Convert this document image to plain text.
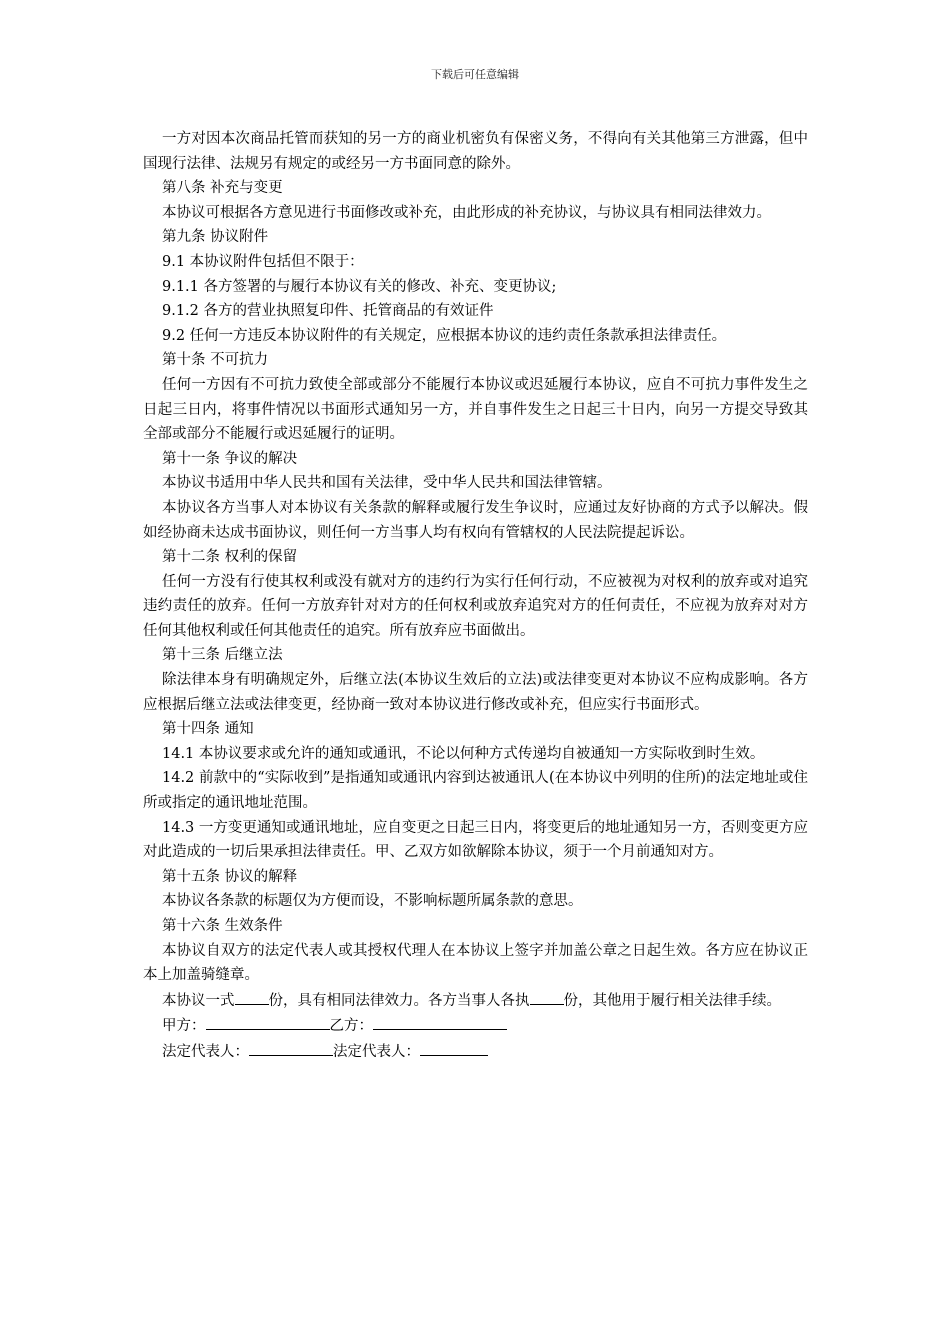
下载后可任意编辑

一方对因本次商品托管而获知的另一方的商业机密负有保密义务，不得向有关其他第三方泄露，但中国现行法律、法规另有规定的或经另一方书面同意的除外。

第八条 补充与变更

本协议可根据各方意见进行书面修改或补充，由此形成的补充协议，与协议具有相同法律效力。

第九条 协议附件

9.1 本协议附件包括但不限于：

9.1.1 各方签署的与履行本协议有关的修改、补充、变更协议;

9.1.2 各方的营业执照复印件、托管商品的有效证件

9.2 任何一方违反本协议附件的有关规定，应根据本协议的违约责任条款承担法律责任。

第十条 不可抗力

任何一方因有不可抗力致使全部或部分不能履行本协议或迟延履行本协议，应自不可抗力事件发生之日起三日内，将事件情况以书面形式通知另一方，并自事件发生之日起三十日内，向另一方提交导致其全部或部分不能履行或迟延履行的证明。

第十一条 争议的解决

本协议书适用中华人民共和国有关法律，受中华人民共和国法律管辖。

本协议各方当事人对本协议有关条款的解释或履行发生争议时，应通过友好协商的方式予以解决。假如经协商未达成书面协议，则任何一方当事人均有权向有管辖权的人民法院提起诉讼。

第十二条 权利的保留

任何一方没有行使其权利或没有就对方的违约行为实行任何行动，不应被视为对权利的放弃或对追究违约责任的放弃。任何一方放弃针对对方的任何权利或放弃追究对方的任何责任，不应视为放弃对对方任何其他权利或任何其他责任的追究。所有放弃应书面做出。

第十三条 后继立法

除法律本身有明确规定外，后继立法(本协议生效后的立法)或法律变更对本协议不应构成影响。各方应根据后继立法或法律变更，经协商一致对本协议进行修改或补充，但应实行书面形式。

第十四条 通知

14.1 本协议要求或允许的通知或通讯，不论以何种方式传递均自被通知一方实际收到时生效。

14.2 前款中的“实际收到”是指通知或通讯内容到达被通讯人(在本协议中列明的住所)的法定地址或住所或指定的通讯地址范围。

14.3 一方变更通知或通讯地址，应自变更之日起三日内，将变更后的地址通知另一方，否则变更方应对此造成的一切后果承担法律责任。甲、乙双方如欲解除本协议，须于一个月前通知对方。

第十五条 协议的解释

本协议各条款的标题仅为方便而设，不影响标题所属条款的意思。

第十六条 生效条件

本协议自双方的法定代表人或其授权代理人在本协议上签字并加盖公章之日起生效。各方应在协议正本上加盖骑缝章。

本协议一式 份，具有相同法律效力。各方当事人各执 份，其他用于履行相关法律手续。

甲方：	乙方：

法定代表人：	法定代表人：
